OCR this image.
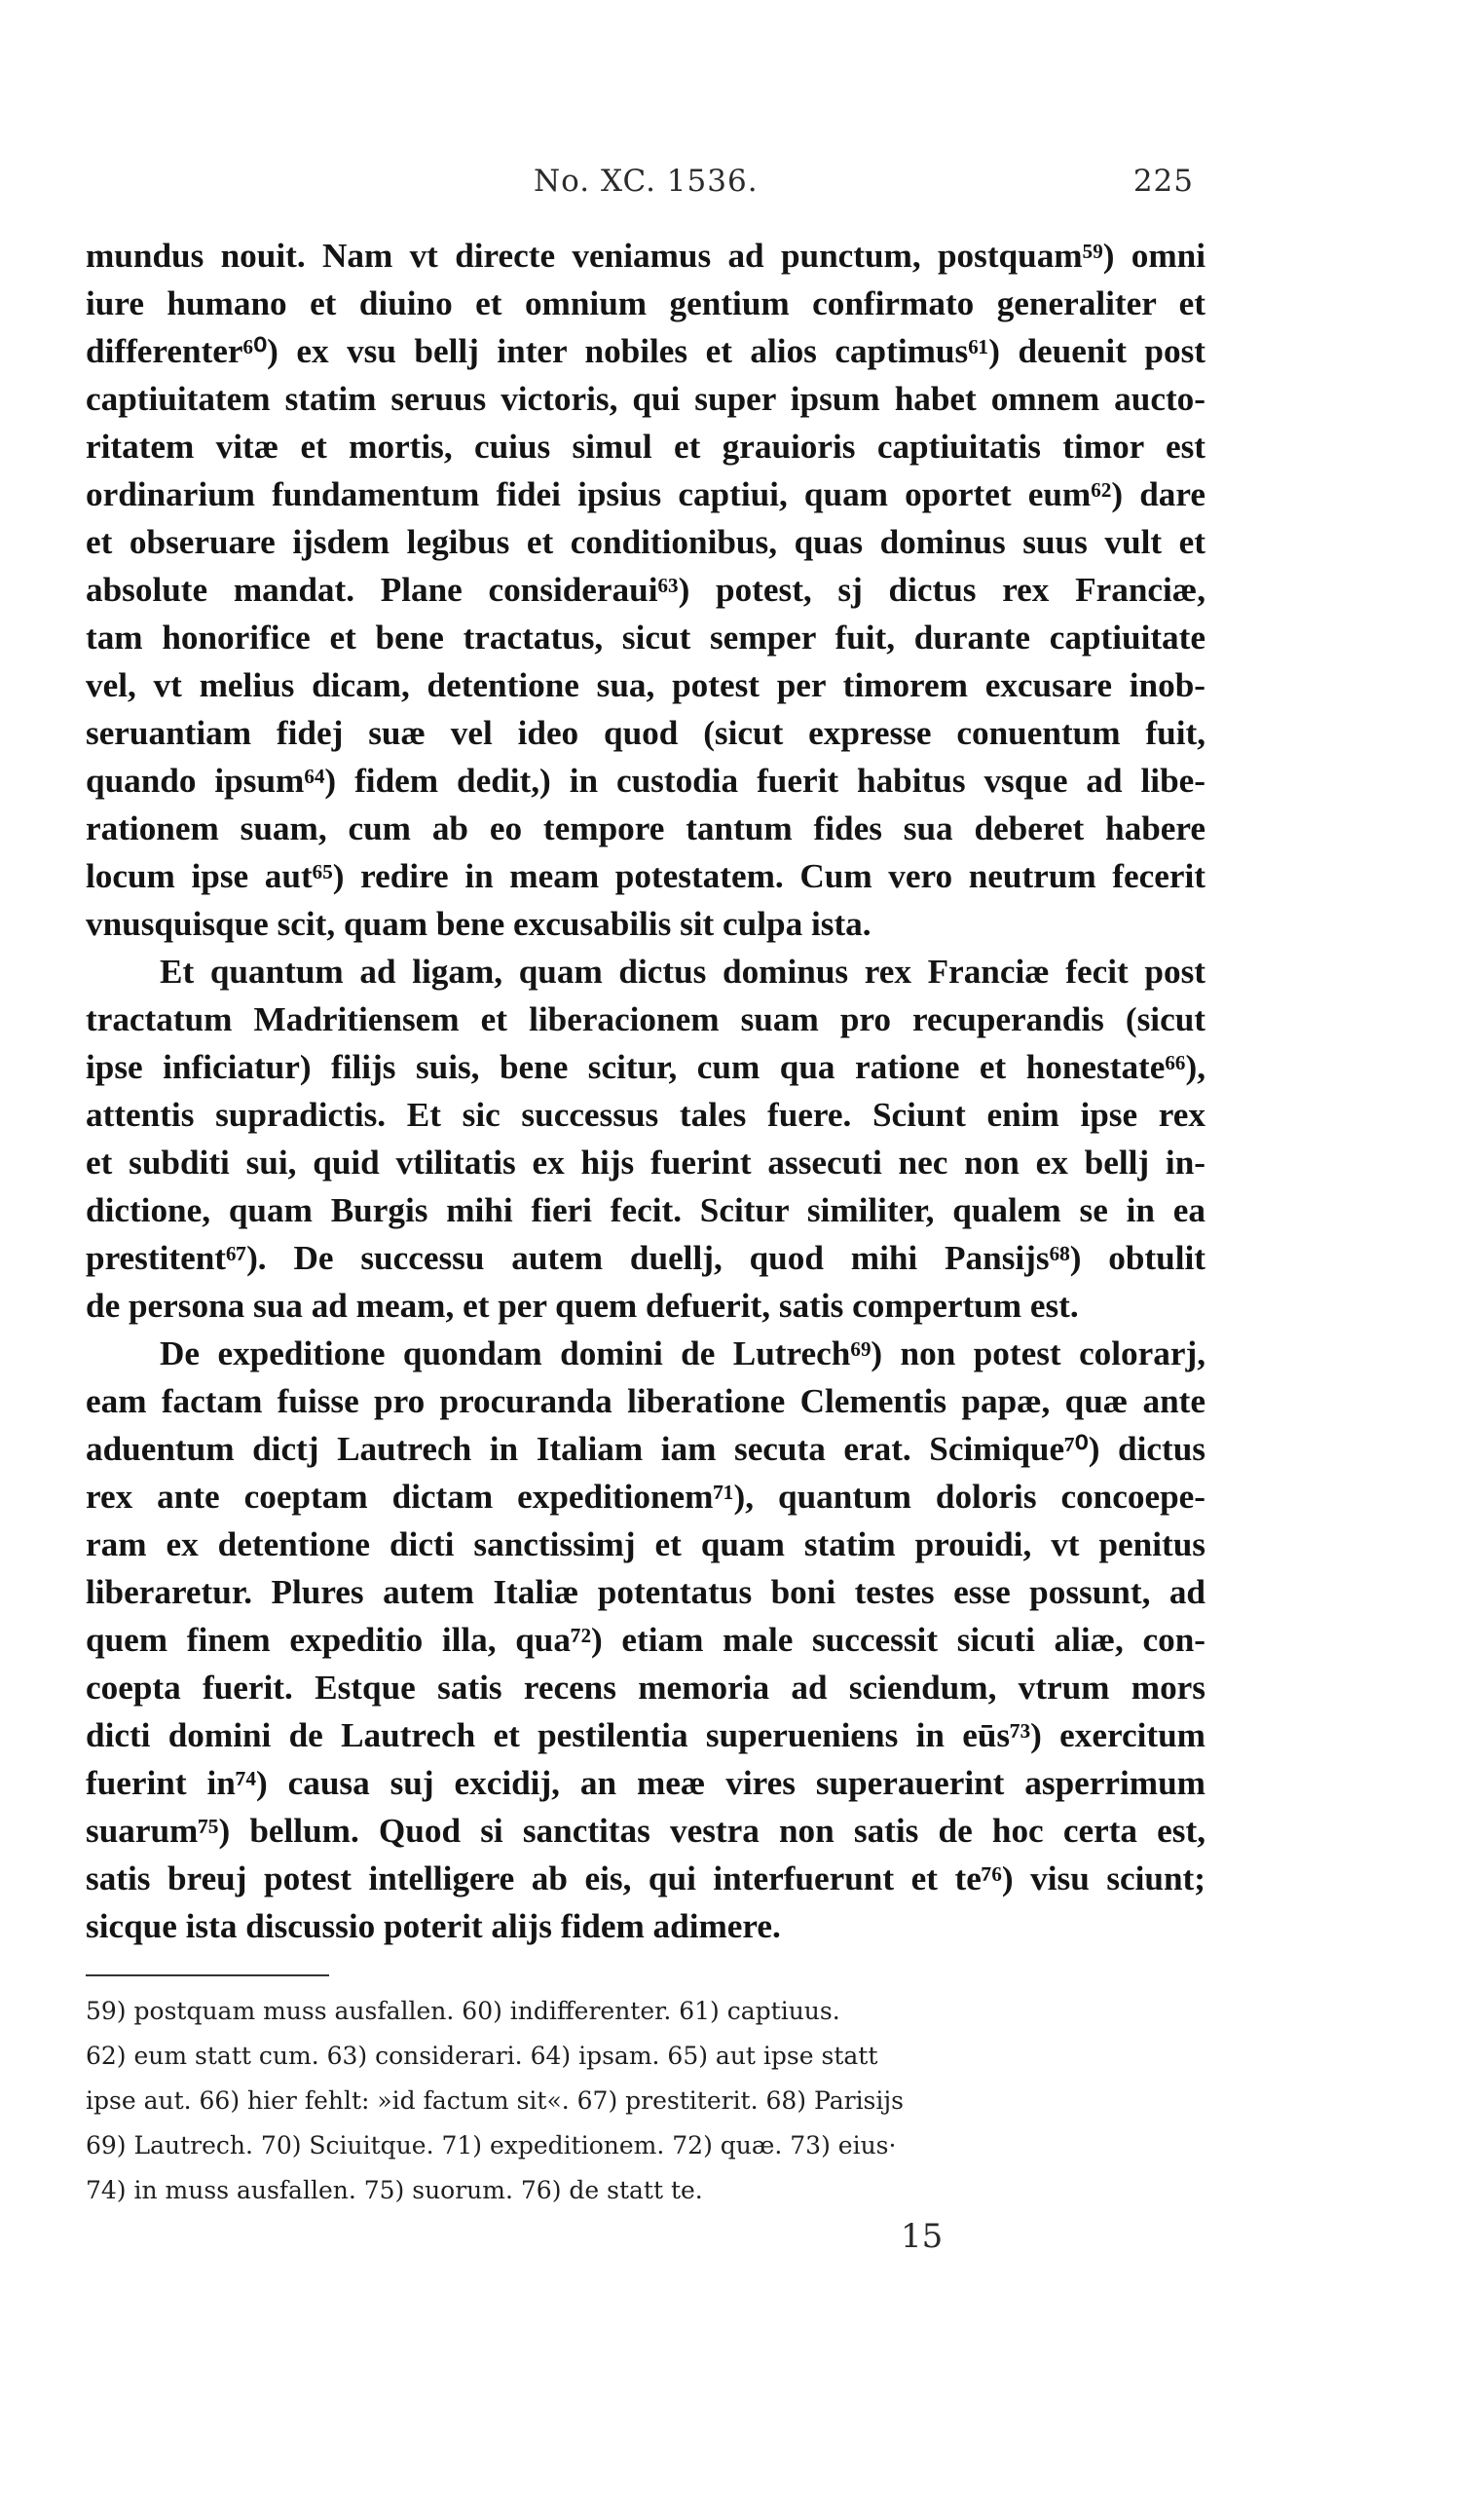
No. XC. 1536.	225
mundus nouit. Nam vt directe veniamus ad punctum, postquam⁵⁹) omni
iure humano et diuino et omnium gentium confirmato generaliter et
differenter⁶⁰) ex vsu bellj inter nobiles et alios captimus⁶¹) deuenit post
captiuitatem statim seruus victoris, qui super ipsum habet omnem aucto-
ritatem vitæ et mortis, cuius simul et grauioris captiuitatis timor est
ordinarium fundamentum fidei ipsius captiui, quam oportet eum⁶²) dare
et obseruare ijsdem legibus et conditionibus, quas dominus suus vult et
absolute mandat. Plane consideraui⁶³) potest, sj dictus rex Franciæ,
tam honorifice et bene tractatus, sicut semper fuit, durante captiuitate
vel, vt melius dicam, detentione sua, potest per timorem excusare inob-
seruantiam fidej suæ vel ideo quod (sicut expresse conuentum fuit,
quando ipsum⁶⁴) fidem dedit,) in custodia fuerit habitus vsque ad libe-
rationem suam, cum ab eo tempore tantum fides sua deberet habere
locum ipse aut⁶⁵) redire in meam potestatem. Cum vero neutrum fecerit
vnusquisque scit, quam bene excusabilis sit culpa ista.
Et quantum ad ligam, quam dictus dominus rex Franciæ fecit post
tractatum Madritiensem et liberacionem suam pro recuperandis (sicut
ipse inficiatur) filijs suis, bene scitur, cum qua ratione et honestate⁶⁶),
attentis supradictis. Et sic successus tales fuere. Sciunt enim ipse rex
et subditi sui, quid vtilitatis ex hijs fuerint assecuti nec non ex bellj in-
dictione, quam Burgis mihi fieri fecit. Scitur similiter, qualem se in ea
prestitent⁶⁷). De successu autem duellj, quod mihi Pansijs⁶⁸) obtulit
de persona sua ad meam, et per quem defuerit, satis compertum est.
De expeditione quondam domini de Lutrech⁶⁹) non potest colorarj,
eam factam fuisse pro procuranda liberatione Clementis papæ, quæ ante
aduentum dictj Lautrech in Italiam iam secuta erat. Scimique⁷⁰) dictus
rex ante coeptam dictam expeditionem⁷¹), quantum doloris concoepe-
ram ex detentione dicti sanctissimj et quam statim prouidi, vt penitus
liberaretur. Plures autem Italiæ potentatus boni testes esse possunt, ad
quem finem expeditio illa, qua⁷²) etiam male successit sicuti aliæ, con-
coepta fuerit. Estque satis recens memoria ad sciendum, vtrum mors
dicti domini de Lautrech et pestilentia superueniens in eūs⁷³) exercitum
fuerint in⁷⁴) causa suj excidij, an meæ vires superauerint asperrimum
suarum⁷⁵) bellum. Quod si sanctitas vestra non satis de hoc certa est,
satis breuj potest intelligere ab eis, qui interfuerunt et te⁷⁶) visu sciunt;
sicque ista discussio poterit alijs fidem adimere.
59) postquam muss ausfallen. 60) indifferenter. 61) captiuus.
62) eum statt cum. 63) considerari. 64) ipsam. 65) aut ipse statt
ipse aut. 66) hier fehlt: »id factum sit«. 67) prestiterit. 68) Parisijs
69) Lautrech. 70) Sciuitque. 71) expeditionem. 72) quæ. 73) eius·
74) in muss ausfallen. 75) suorum. 76) de statt te.
15
